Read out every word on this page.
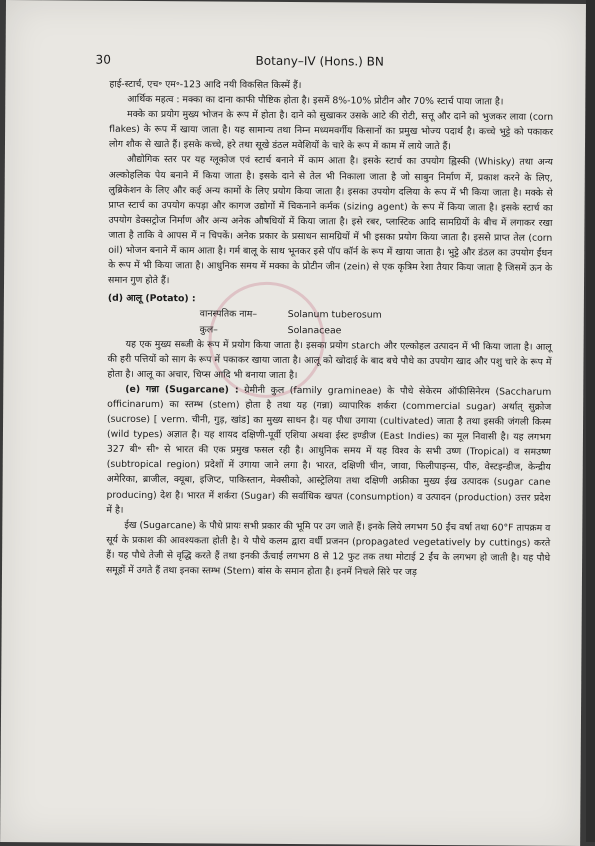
30	Botany–IV (Hons.) BN

हाई-स्टार्च, एच॰ एम॰-123 आदि नयी विकसित किस्में हैं।

आर्थिक महत्व : मक्का का दाना काफी पौष्टिक होता है। इसमें 8%-10% प्रोटीन और 70% स्टार्च पाया जाता है।

मक्के का प्रयोग मुख्य भोजन के रूप में होता है। दाने को सुखाकर उसके आटे की रोटी, सत्तू और दाने को भुजकर लावा (corn flakes) के रूप में खाया जाता है। यह सामान्य तथा निम्न मध्यमवर्गीय किसानों का प्रमुख भोज्य पदार्थ है। कच्चे भुट्टे को पकाकर लोग शौक से खाते हैं। इसके कच्चे, हरे तथा सूखे डंठल मवेशियों के चारे के रूप में काम में लाये जाते हैं।

औद्योगिक स्तर पर यह ग्लूकोज एवं स्टार्च बनाने में काम आता है। इसके स्टार्च का उपयोग ह्विस्की (Whisky) तथा अन्य अल्कोहलिक पेय बनाने में किया जाता है। इसके दाने से तेल भी निकाला जाता है जो साबुन निर्माण में, प्रकाश करने के लिए, लुब्रिकेशन के लिए और कई अन्य कामों के लिए प्रयोग किया जाता है। इसका उपयोग दलिया के रूप में भी किया जाता है। मक्के से प्राप्त स्टार्च का उपयोग कपड़ा और कागज उद्योगों में चिकनाने कर्मक (sizing agent) के रूप में किया जाता है। इसके स्टार्च का उपयोग डेक्सट्रोज निर्माण और अन्य अनेक औषधियों में किया जाता है। इसे रबर, प्लास्टिक आदि सामग्रियों के बीच में लगाकर रखा जाता है ताकि वे आपस में न चिपकें। अनेक प्रकार के प्रसाधन सामग्रियों में भी इसका प्रयोग किया जाता है। इससे प्राप्त तेल (corn oil) भोजन बनाने में काम आता है। गर्म बालू के साथ भूनकर इसे पॉप कॉर्न के रूप में खाया जाता है। भुट्टे और डंठल का उपयोग ईंधन के रूप में भी किया जाता है। आधुनिक समय में मक्का के प्रोटीन जीन (zein) से एक कृत्रिम रेशा तैयार किया जाता है जिसमें ऊन के समान गुण होते हैं।

(d) आलू (Potato) :

वानस्पतिक नाम–	Solanum tuberosum
कुल–	Solanaceae

यह एक मुख्य सब्जी के रूप में प्रयोग किया जाता है। इसका प्रयोग starch और एल्कोहल उत्पादन में भी किया जाता है। आलू की हरी पत्तियों को साग के रूप में पकाकर खाया जाता है। आलू को खोदाई के बाद बचे पौधे का उपयोग खाद और पशु चारे के रूप में होता है। आलू का अचार, चिप्स आदि भी बनाया जाता है।

(e) गन्ना (Sugarcane) : ग्रेमीनी कुल (family gramineae) के पौधे सेकेरम ऑफीसिनेरम (Saccharum officinarum) का स्तम्भ (stem) होता है तथा यह (गन्ना) व्यापारिक शर्करा (commercial sugar) अर्थात् सुक्रोज (sucrose) [ verm. चीनी, गुड़, खांड] का मुख्य साधन है। यह पौधा उगाया (cultivated) जाता है तथा इसकी जंगली किस्म (wild types) अज्ञात है। यह शायद दक्षिणी-पूर्वी एशिया अथवा ईस्ट इण्डीज (East Indies) का मूल निवासी है। यह लगभग 327 बी॰ सी॰ से भारत की एक प्रमुख फसल रही है। आधुनिक समय में यह विश्व के सभी उष्ण (Tropical) व समउष्ण (subtropical region) प्रदेशों में उगाया जाने लगा है। भारत, दक्षिणी चीन, जावा, फिलीपाइन्स, पीरु, वेस्टइन्डीज, केन्द्रीय अमेरिका, ब्राजील, क्यूबा, इजिप्ट, पाकिस्तान, मेक्सीको, आस्ट्रेलिया तथा दक्षिणी अफ्रीका मुख्य ईख उत्पादक (sugar cane producing) देश है। भारत में शर्करा (Sugar) की सर्वाधिक खपत (consumption) व उत्पादन (production) उत्तर प्रदेश में है।

ईख (Sugarcane) के पौधे प्रायः सभी प्रकार की भूमि पर उग जाते हैं। इनके लिये लगभग 50 ईंच वर्षा तथा 60°F तापक्रम व सूर्य के प्रकाश की आवश्यकता होती है। ये पौधे कलम द्वारा वर्धी प्रजनन (propagated vegetatively by cuttings) करते हैं। यह पौधे तेजी से वृद्धि करते हैं तथा इनकी ऊँचाई लगभग 8 से 12 फुट तक तथा मोटाई 2 ईंच के लगभग हो जाती है। यह पौधे समूहों में उगते हैं तथा इनका स्तम्भ (Stem) बांस के समान होता है। इनमें निचले सिरे पर जड़
